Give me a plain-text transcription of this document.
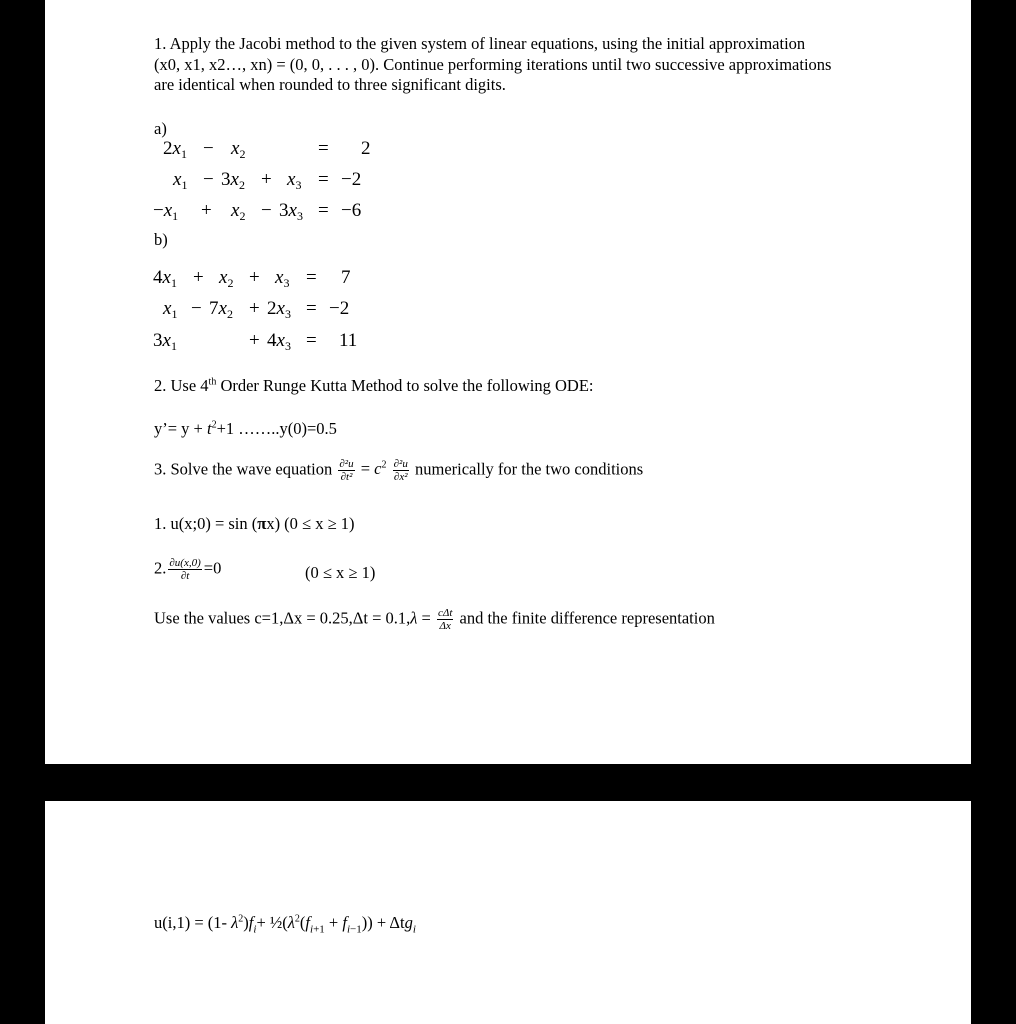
1. Apply the Jacobi method to the given system of linear equations, using the initial approximation (x0, x1, x2…, xn) = (0, 0, . . . , 0). Continue performing iterations until two successive approximations are identical when rounded to three significant digits.
a)
$2x_1 - x_2$	= 2
$x_1 - 3x_2 + x_3 = -2$
$-x_1 + x_2 - 3x_3 = -6$
b)
$4x_1 + x_2 + x_3 = 7$
$x_1 - 7x_2 + 2x_3 = -2$
$3x_1$	+ $4x_3 = 11$
2. Use 4th Order Runge Kutta Method to solve the following ODE:
y’= $y + t^2+1$ ……..y(0)=0.5
3. Solve the wave equation $\frac{\text{∂²u}}{\text{∂t²}} = c^2 \frac{\text{∂²u}}{\text{∂x²}}$ numerically for the two conditions
1. u(x;0) = sin (πx) (0 ≤ x ≥ 1)
2. $\frac{\partial u(x,0)}{\partial t} =0$	(0 ≤ x ≥ 1)
Use the values $c=1,\Delta x = 0.25,\Delta t = 0.1,\lambda = \frac{\text{cΔt}}{\Delta x}$ and the finite difference representation
u(i,1) = (1- $\lambda^2)f_i+$ $\frac{1}{2}(\lambda^2(f_{i+1} + f_{i-1})) + \Delta tg_i$
